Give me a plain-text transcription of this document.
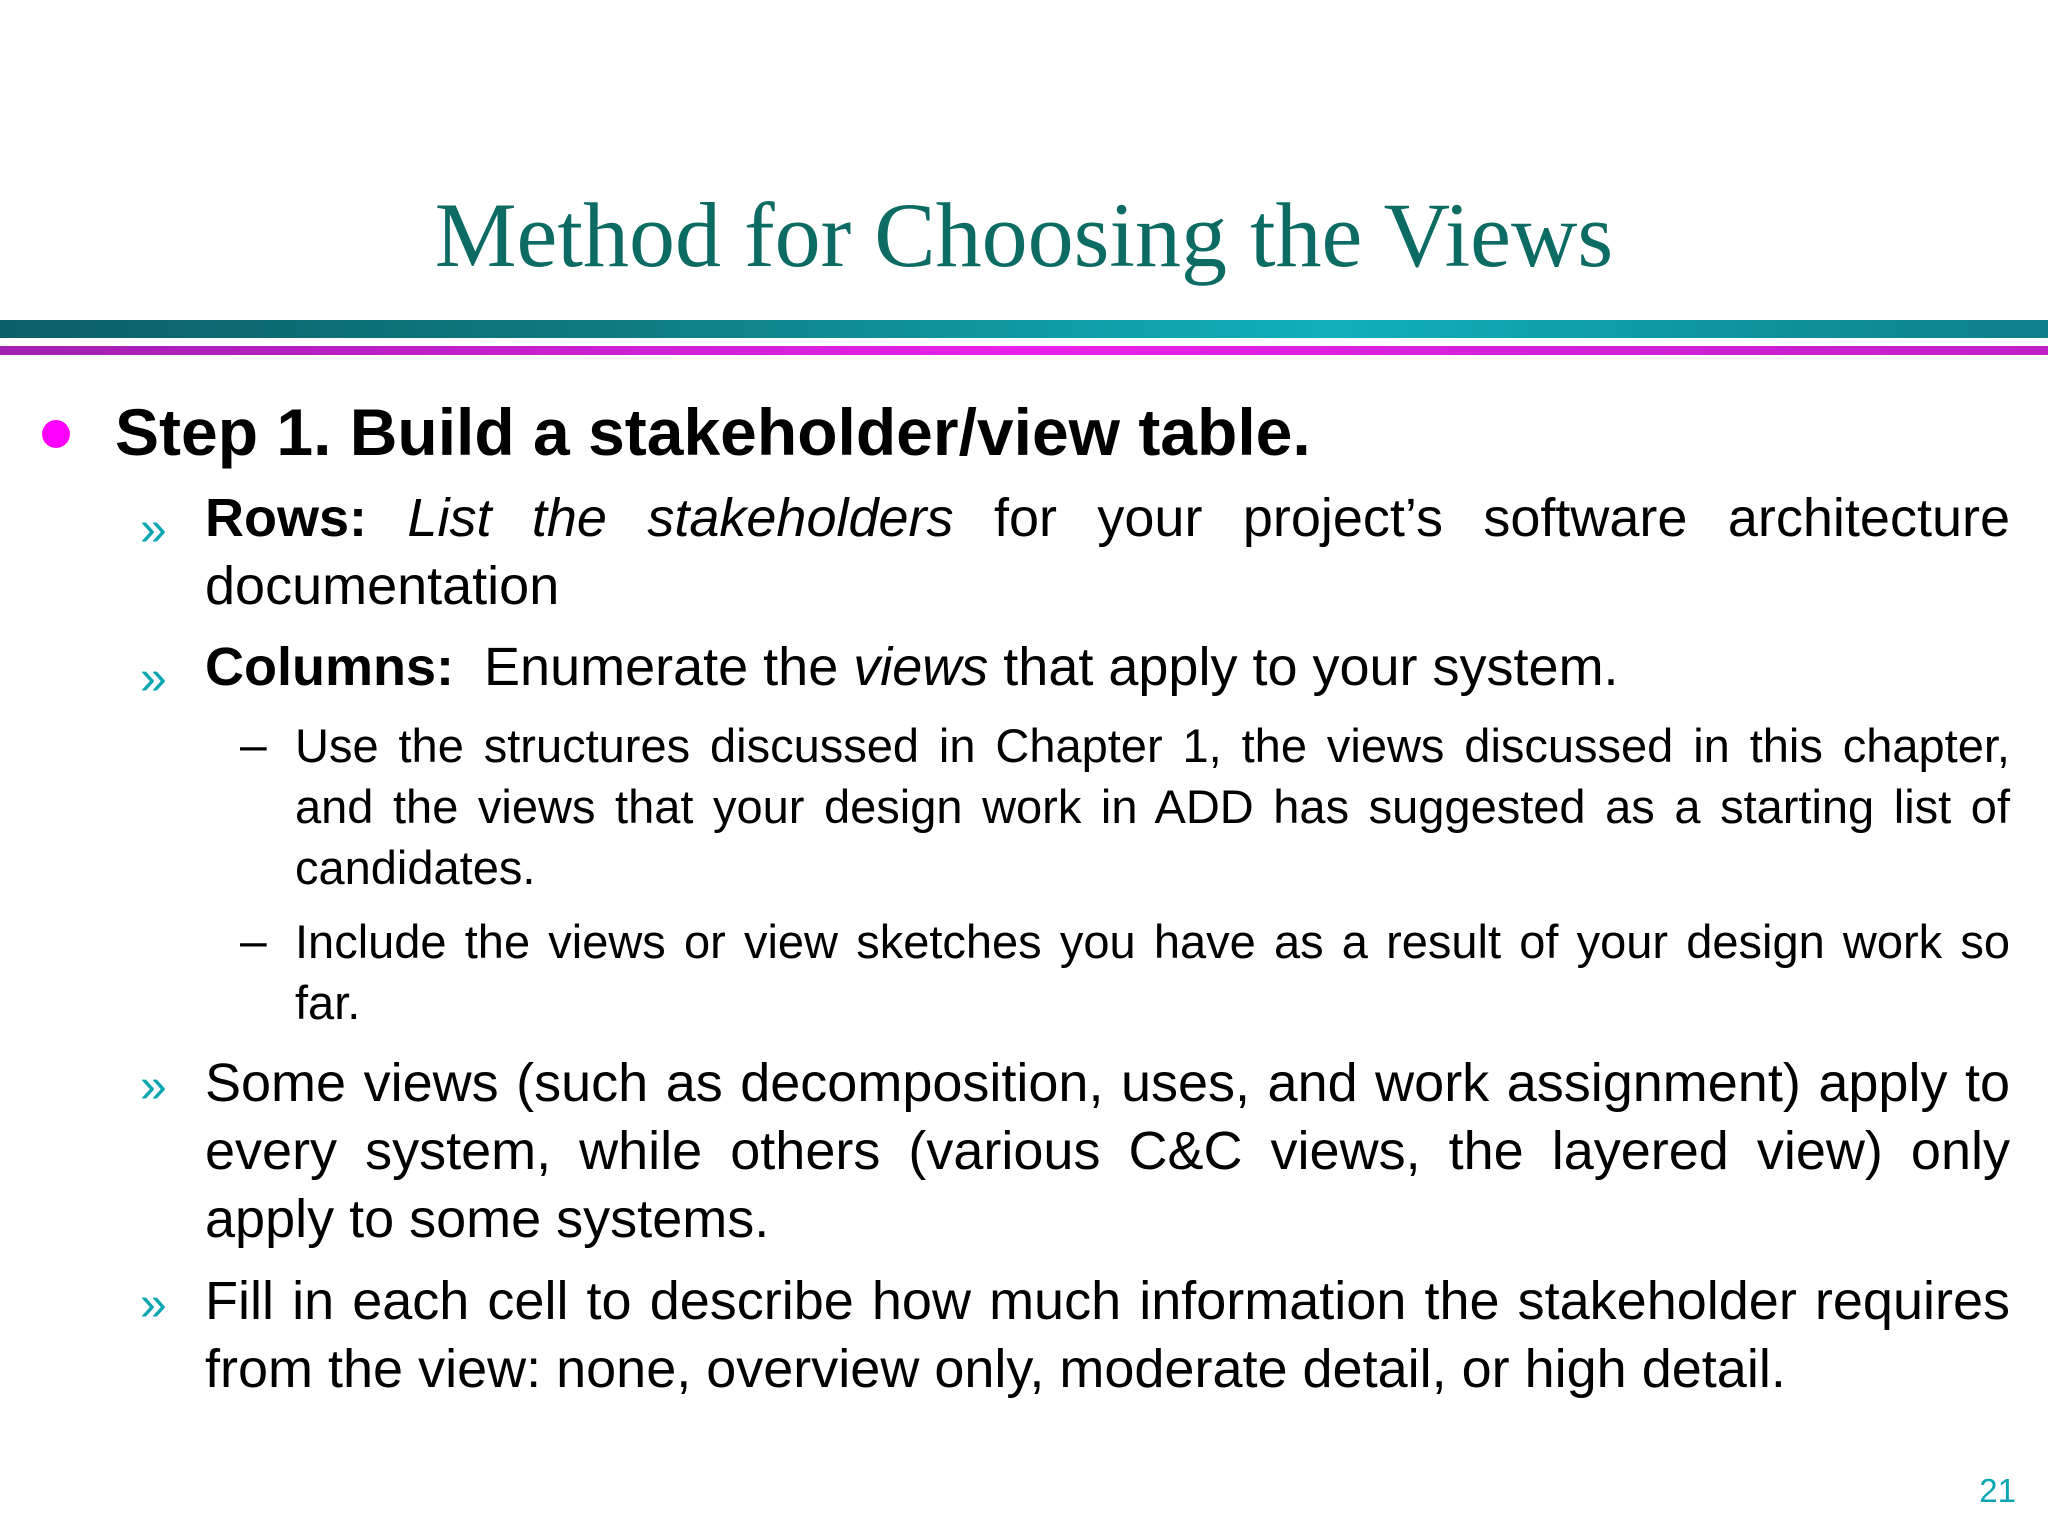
Method for Choosing the Views
Step 1. Build a stakeholder/view table.
» Rows: List the stakeholders for your project’s software architecture documentation
» Columns: Enumerate the views that apply to your system.
– Use the structures discussed in Chapter 1, the views discussed in this chapter, and the views that your design work in ADD has suggested as a starting list of candidates.
– Include the views or view sketches you have as a result of your design work so far.
» Some views (such as decomposition, uses, and work assignment) apply to every system, while others (various C&C views, the layered view) only apply to some systems.
» Fill in each cell to describe how much information the stakeholder requires from the view: none, overview only, moderate detail, or high detail.
21
